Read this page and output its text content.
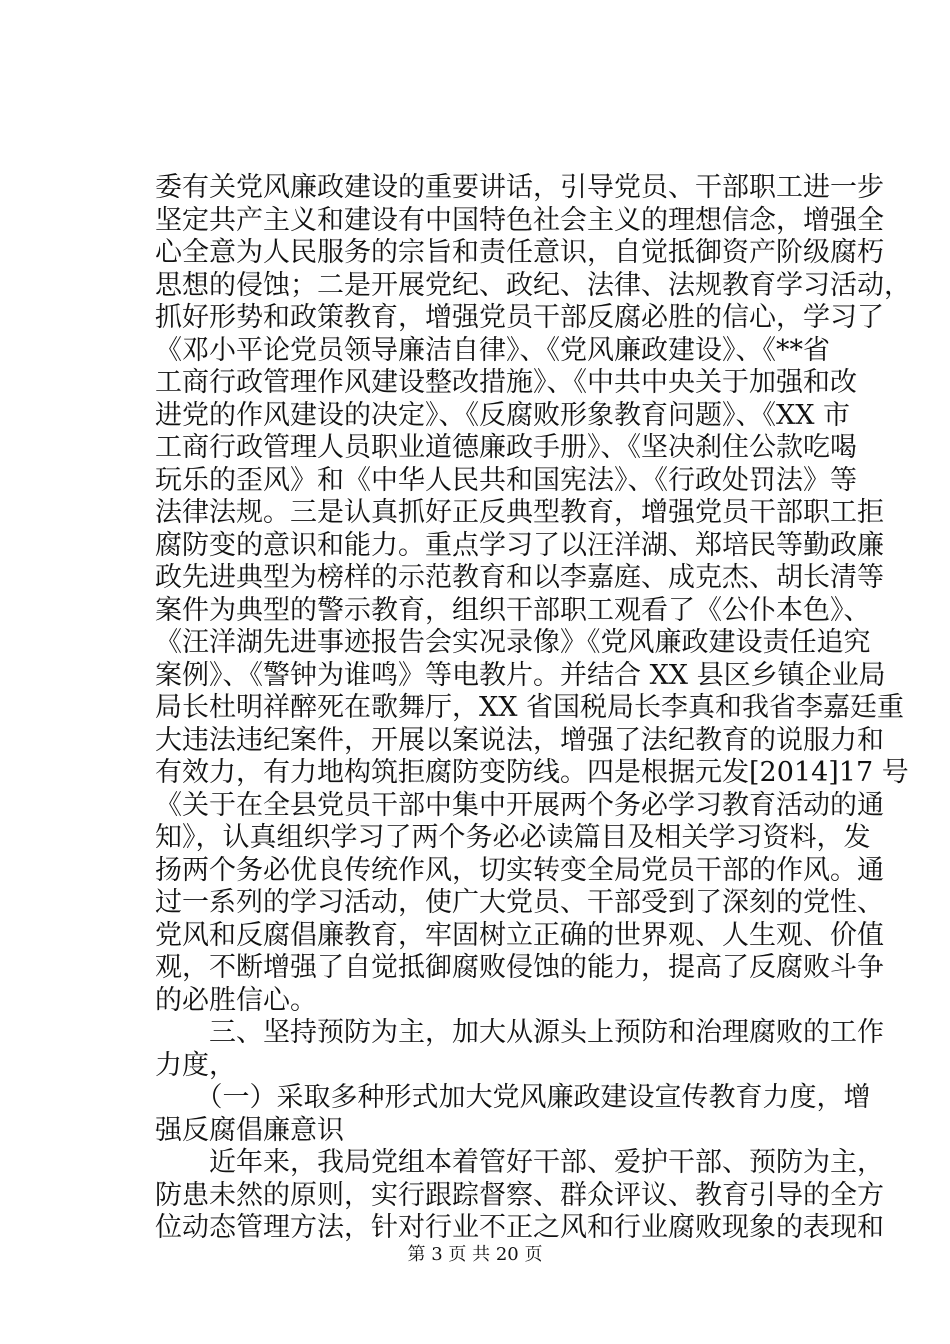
委有关党风廉政建设的重要讲话，引导党员、干部职工进一步
坚定共产主义和建设有中国特色社会主义的理想信念，增强全
心全意为人民服务的宗旨和责任意识，自觉抵御资产阶级腐朽
思想的侵蚀；二是开展党纪、政纪、法律、法规教育学习活动，
抓好形势和政策教育，增强党员干部反腐必胜的信心，学习了
《邓小平论党员领导廉洁自律》、《党风廉政建设》、《**省
工商行政管理作风建设整改措施》、《中共中央关于加强和改
进党的作风建设的决定》、《反腐败形象教育问题》、《XX 市
工商行政管理人员职业道德廉政手册》、《坚决刹住公款吃喝
玩乐的歪风》和《中华人民共和国宪法》、《行政处罚法》等
法律法规。三是认真抓好正反典型教育，增强党员干部职工拒
腐防变的意识和能力。重点学习了以汪洋湖、郑培民等勤政廉
政先进典型为榜样的示范教育和以李嘉庭、成克杰、胡长清等
案件为典型的警示教育，组织干部职工观看了《公仆本色》、
《汪洋湖先进事迹报告会实况录像》《党风廉政建设责任追究
案例》、《警钟为谁鸣》等电教片。并结合 XX 县区乡镇企业局
局长杜明祥醉死在歌舞厅，XX 省国税局长李真和我省李嘉廷重
大违法违纪案件，开展以案说法，增强了法纪教育的说服力和
有效力，有力地构筑拒腐防变防线。四是根据元发[2014]17 号
《关于在全县党员干部中集中开展两个务必学习教育活动的通
知》，认真组织学习了两个务必必读篇目及相关学习资料，发
扬两个务必优良传统作风，切实转变全局党员干部的作风。通
过一系列的学习活动，使广大党员、干部受到了深刻的党性、
党风和反腐倡廉教育，牢固树立正确的世界观、人生观、价值
观，不断增强了自觉抵御腐败侵蚀的能力，提高了反腐败斗争
的必胜信心。
　　三、坚持预防为主，加大从源头上预防和治理腐败的工作
力度，
　　（一）采取多种形式加大党风廉政建设宣传教育力度，增
强反腐倡廉意识
　　近年来，我局党组本着管好干部、爱护干部、预防为主，
防患未然的原则，实行跟踪督察、群众评议、教育引导的全方
位动态管理方法，针对行业不正之风和行业腐败现象的表现和
第 3 页 共 20 页
